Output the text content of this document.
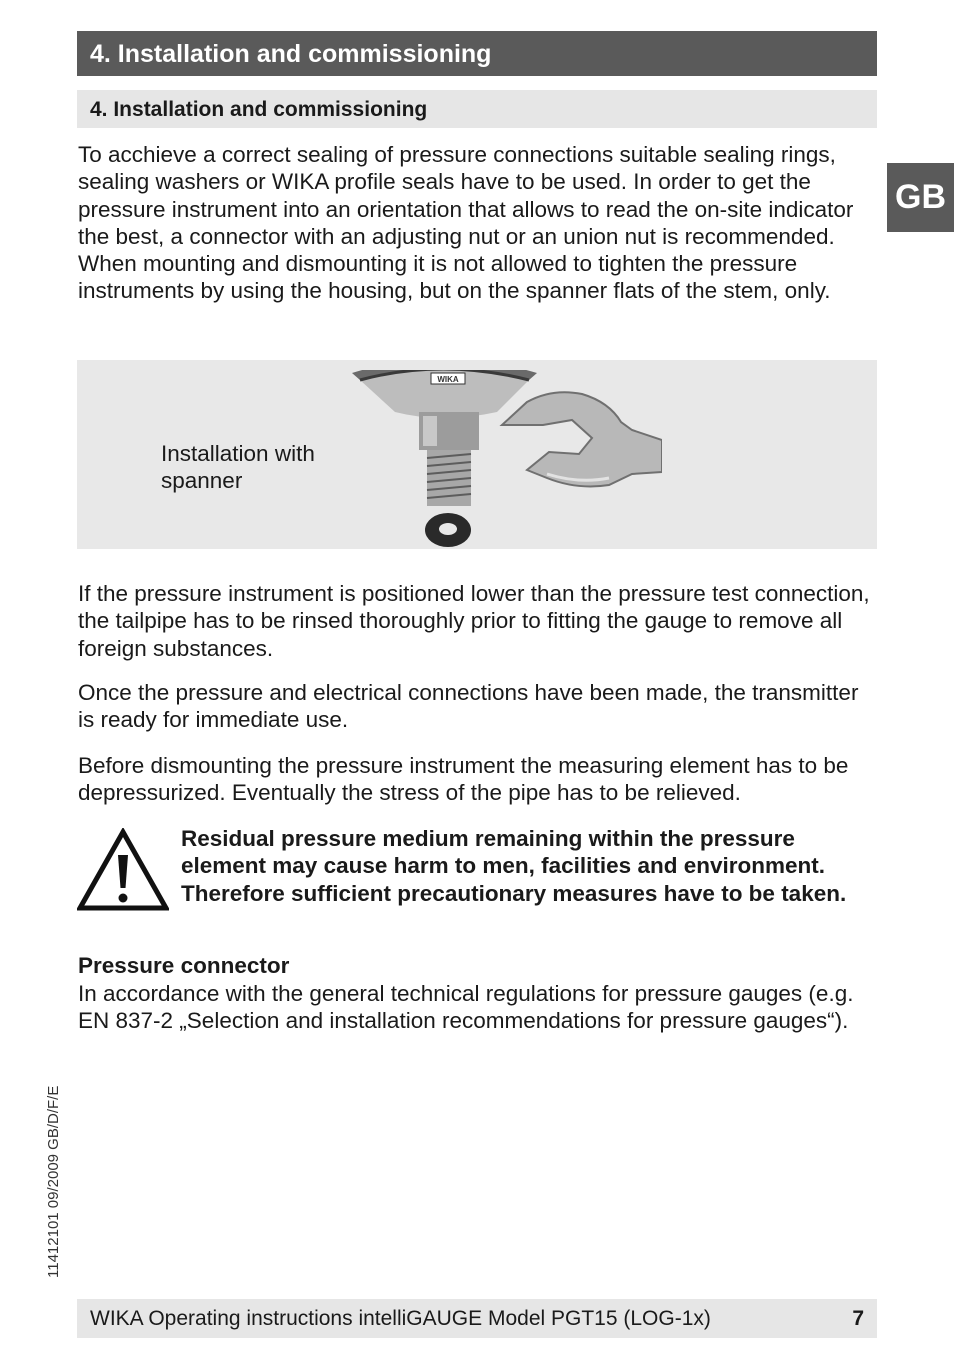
4. Installation and commissioning
4. Installation and commissioning
GB

To acchieve a correct sealing of pressure connections suitable sealing rings, sealing washers or WIKA profile seals have to be used. In order to get the pressure instrument into an orientation that allows to read the on-site indicator the best, a connector with an adjusting nut or an union nut is recommended. When mounting and dismounting it is not allowed to tighten the pressure instruments by using the housing, but on the spanner flats of the stem, only.

Installation with spanner
WIKA

If the pressure instrument is positioned lower than the pressure test connection, the tailpipe has to be rinsed thoroughly prior to fitting the gauge to remove all foreign substances.

Once the pressure and electrical connections have been made, the transmitter is ready for immediate use.

Before dismounting the pressure instrument the measuring element has to be depressurized. Eventually the stress of the pipe has to be relieved.

Residual pressure medium remaining within the pressure element may cause harm to men, facilities and environment. Therefore sufficient precautionary measures have to be taken.

Pressure connector

In accordance with the general technical regulations for pressure gauges (e.g. EN 837-2 „Selection and installation recommendations for pressure gauges“).

11412101 09/2009 GB/D/F/E
WIKA Operating instructions intelliGAUGE Model PGT15 (LOG-1x)	7
